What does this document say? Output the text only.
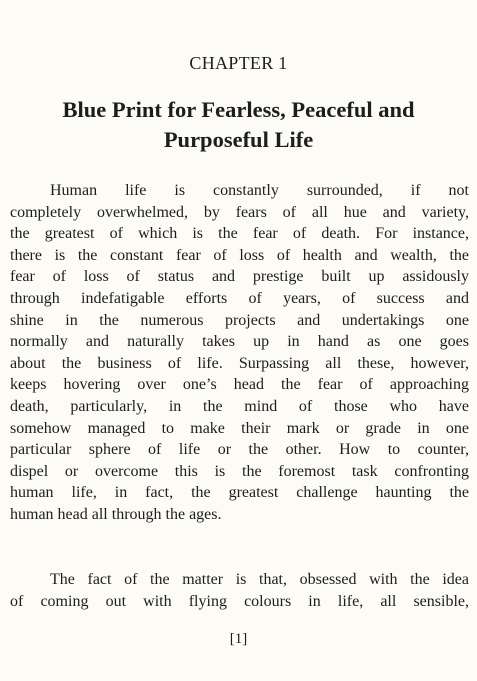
CHAPTER 1
Blue Print for Fearless, Peaceful and
Purposeful Life
Human life is constantly surrounded, if not
completely overwhelmed, by fears of all hue and variety,
the greatest of which is the fear of death. For instance,
there is the constant fear of loss of health and wealth, the
fear of loss of status and prestige built up assidously
through indefatigable efforts of years, of success and
shine in the numerous projects and undertakings one
normally and naturally takes up in hand as one goes
about the business of life. Surpassing all these, however,
keeps hovering over one’s head the fear of approaching
death, particularly, in the mind of those who have
somehow managed to make their mark or grade in one
particular sphere of life or the other. How to counter,
dispel or overcome this is the foremost task confronting
human life, in fact, the greatest challenge haunting the
human head all through the ages.
The fact of the matter is that, obsessed with the idea
of coming out with flying colours in life, all sensible,
[1]
